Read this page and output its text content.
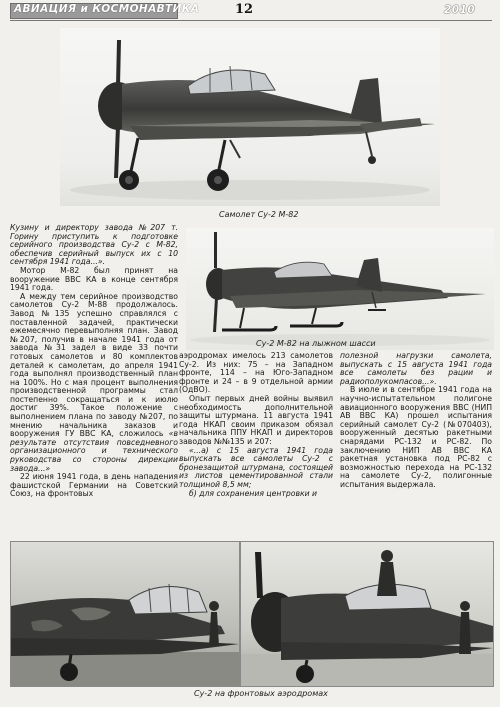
АВИАЦИЯ и КОСМОНАВТИКА	12	2010
Самолет Су-2 М-82

Кузину и директору завода №207 т. Горину приступить к подготовке серийного производства Су-2 с М-82, обеспечив серийный выпуск их с 10 сентября 1941 года...».

Мотор М-82 был принят на вооружение ВВС КА в конце сентября 1941 года.

А между тем серийное производство самолетов Су-2 М-88 продолжалось. Завод №135 успешно справлялся с поставленной задачей, практически ежемесячно перевыполняя план. Завод №207, получив в начале 1941 года от завода №31 задел в виде 33 почти готовых самолетов и 80 комплектов деталей к самолетам, до апреля 1941 года выполнял производственный план на 100%. Но с мая процент выполнения производственной программы стал постепенно сокращаться и к июлю достиг 39%. Такое положение с выполнением плана по заводу №207, по мнению начальника заказов и вооружения ГУ ВВС КА, сложилось «в результате отсутствия повседневного организационного и технического руководства со стороны дирекции завода...»

22 июня 1941 года, в день нападения фашистской Германии на Советский Союз, на фронтовых

Су-2 М-82 на лыжном шасси

аэродромах имелось 213 самолетов Су-2. Из них: 75 – на Западном фронте, 114 – на Юго-Западном фронте и 24 – в 9 отдельной армии (ОдВО).

Опыт первых дней войны выявил необходимость дополнительной защиты штурмана. 11 августа 1941 года НКАП своим приказом обязал начальника ППУ НКАП и директоров заводов №№135 и 207:

«...а) с 15 августа 1941 года выпускать все самолеты Су-2 с бронезащитой штурмана, состоящей из листов цементированной стали толщиной 8,5 мм;

б) для сохранения центровки и

полезной нагрузки самолета, выпускать с 15 августа 1941 года все самолеты без рации и радиополукомпасов...».

В июле и в сентябре 1941 года на научно-испытательном полигоне авиационного вооружения ВВС (НИП АВ ВВС КА) прошел испытания серийный самолет Су-2 (№070403), вооруженный десятью ракетными снарядами РС-132 и РС-82. По заключению НИП АВ ВВС КА ракетная установка под РС-82 с возможностью перехода на РС-132 на самолете Су-2, полигонные испытания выдержала.

Су-2 на фронтовых аэродромах
